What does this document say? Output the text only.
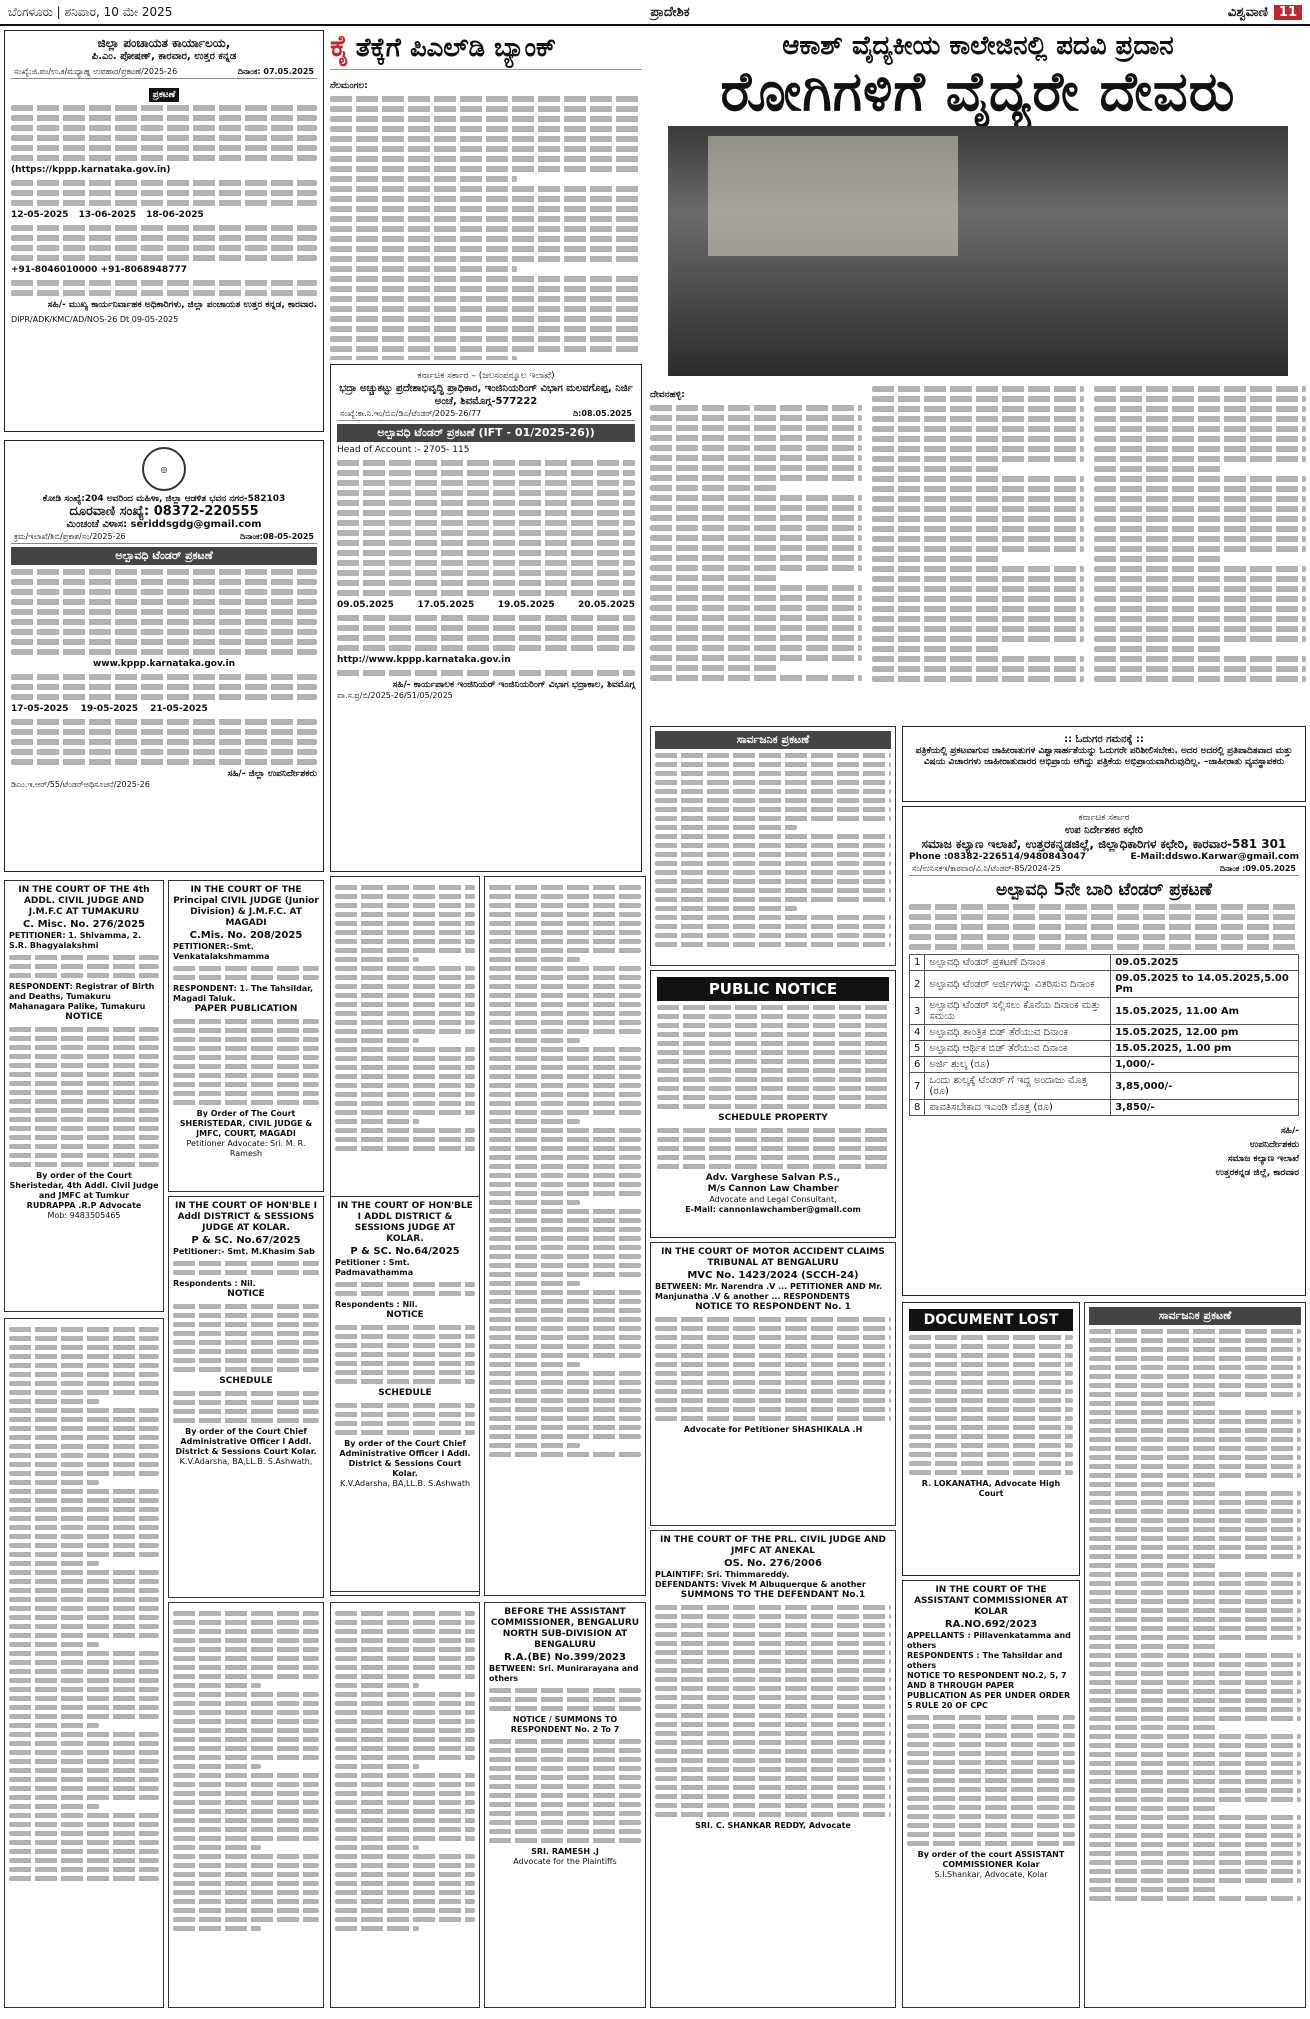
ಬೆಂಗಳೂರು | ಶನಿವಾರ, 10 ಮೇ 2025	ಪ್ರಾದೇಶಿಕ	ವಿಶ್ವವಾಣಿ 11
ಜಿಲ್ಲಾ ಪಂಚಾಯತ ಕಾರ್ಯಾಲಯ,
ಪಿ.ಎಂ. ಪೋಷಣ್, ಕಾರವಾರ, ಉತ್ತರ ಕನ್ನಡ
ಸಂಖ್ಯೆ:ಜಿ.ಪಂ/ಉ.ಕ/ಮಧ್ಯಾಹ್ನ ಉಪಹಾರ/ಪ್ರಕಟಣೆ/2025-26	ದಿನಾಂಕ: 07.05.2025
ಪ್ರಕಟಣೆ
(https://kppp.karnataka.gov.in)
12-05-2025 13-06-2025 18-06-2025
+91-8046010000 +91-8068948777
ಸಹಿ/- ಮುಖ್ಯ ಕಾರ್ಯನಿರ್ವಾಹಕ ಅಧಿಕಾರಿಗಳು, ಜಿಲ್ಲಾ ಪಂಚಾಯತ ಉತ್ತರ ಕನ್ನಡ, ಕಾರವಾರ.
DIPR/ADK/KMC/AD/NOS-26 Dt 09-05-2025
◎
ಕೋಡಿ ಸಂಖ್ಯೆ:204 ಅವರಿಂದ ಮಹಿಳಾ, ಜಿಲ್ಲಾ ಆಡಳಿತ ಭವನ ನಗರ-582103
ದೂರವಾಣಿ ಸಂಖ್ಯೆ: 08372-220555
ಮಿಂಚಂಚೆ ವಿಳಾಸ: seriddsgdg@gmail.com
ಕ್ರಮ/ಇಲಾಖೆ/ಶಿಬಿ/ಪ್ರಕಾಶ/ಸಂ/2025-26	ದಿನಾಂಕ:08-05-2025
ಅಲ್ಪಾವಧಿ ಟೆಂಡರ್ ಪ್ರಕಟಣೆ
www.kppp.karnataka.gov.in
17-05-2025 19-05-2025 21-05-2025
ಸಹಿ/- ಜಿಲ್ಲಾ ಉಪನಿರ್ದೇಶಕರು
ಡಿಎಂ.ಇ.ಆರ್/55/ಟೆಂಡರ್‌ಅಧಿಸೂಚನೆ/2025-26
ಕೈ ತೆಕ್ಕೆಗೆ ಪಿಎಲ್‌ಡಿ ಬ್ಯಾಂಕ್
ನೆಲಮಂಗಲ:
ಕರ್ನಾಟಕ ಸರ್ಕಾರ – (ಜಲಸಂಪನ್ಮೂಲ ಇಲಾಖೆ)
ಭದ್ರಾ ಅಚ್ಚುಕಟ್ಟು ಪ್ರದೇಶಾಭಿವೃದ್ಧಿ ಪ್ರಾಧಿಕಾರ, ಇಂಜಿನಿಯರಿಂಗ್ ವಿಭಾಗ ಮಲವಗೊಪ್ಪ, ನಿರ್ಜಿ ಅಂಚೆ, ಶಿವಮೊಗ್ಗ-577222
ಸಂಖ್ಯೆ:ಕಾ.ನಿ.ಇಂ/ಬಿಎ/ಡಿಎ/ಟೆಂಡರ್/2025-26/77	ದಿ:08.05.2025
ಅಲ್ಪಾವಧಿ ಟೆಂಡರ್ ಪ್ರಕಟಣೆ (IFT - 01/2025-26))
Head of Account :- 2705- 115
09.05.2025	17.05.2025	19.05.2025	20.05.2025
http://www.kppp.karnataka.gov.in
ಸಹಿ/- ಕಾರ್ಯಪಾಲಕ ಇಂಜಿನಿಯರ್ ಇಂಜಿನಿಯರಿಂಗ್ ವಿಭಾಗ ಭದ್ರಾಕಾಲ, ಶಿವಮೊಗ್ಗ
ವಾ.ಸ.ಪ್ರ/ಬಿ/2025-26/51/05/2025
ಆಕಾಶ್ ವೈದ್ಯಕೀಯ ಕಾಲೇಜಿನಲ್ಲಿ ಪದವಿ ಪ್ರದಾನ
ರೋಗಿಗಳಿಗೆ ವೈದ್ಯರೇ ದೇವರು
ದೇವನಹಳ್ಳಿ:
:: ಓದುಗರ ಗಮನಕ್ಕೆ ::
ಪತ್ರಿಕೆಯಲ್ಲಿ ಪ್ರಕಟವಾಗುವ ಜಾಹೀರಾತುಗಳ ವಿಶ್ವಾಸಾರ್ಹತೆಯನ್ನು ಓದುಗರೇ ಪರಿಶೀಲಿಸಬೇಕು. ಅದರ ಅದರಲ್ಲಿ ಪ್ರತಿಪಾದಿತವಾದ ಮತ್ತು ವಿಷಯ ವಿಚಾರಗಳು ಜಾಹೀರಾತುದಾರರ ಅಭಿಪ್ರಾಯ ಆಗಿದ್ದು ಪತ್ರಿಕೆಯ ಅಭಿಪ್ರಾಯವಾಗಿರುವುದಿಲ್ಲ. –ಜಾಹೀರಾತು ವ್ಯವಸ್ಥಾಪಕರು
ಸಾರ್ವಜನಿಕ ಪ್ರಕಟಣೆ
ಕರ್ನಾಟಕ ಸರ್ಕಾರ
ಉಪ ನಿರ್ದೇಶಕರ ಕಛೇರಿ
ಸಮಾಜ ಕಲ್ಯಾಣ ಇಲಾಖೆ, ಉತ್ತರಕನ್ನಡಜಿಲ್ಲೆ, ಜಿಲ್ಲಾಧಿಕಾರಿಗಳ ಕಛೇರಿ, ಕಾರವಾರ-581 301
Phone :08382-226514/9480843047	E-Mail:ddswo.Karwar@gmail.com
ಸಂ/ಉನಿಸಕಇ/ಕಾರವಾರ/ವಿ.ನಿ/ಟೆಂಡರ್-85/2024-25	ದಿನಾಂಕ :09.05.2025
ಅಲ್ಪಾವಧಿ 5ನೇ ಬಾರಿ ಟೆಂಡರ್ ಪ್ರಕಟಣೆ
1	ಅಲ್ಪಾವಧಿ ಟೆಂಡರ್ ಪ್ರಕಟಣೆ ದಿನಾಂಕ	09.05.2025
2	ಅಲ್ಪಾವಧಿ ಟೆಂಡರ್ ಅರ್ಜಿಗಳನ್ನು ವಿತರಿಸುವ ದಿನಾಂಕ	09.05.2025 to 14.05.2025,5.00 Pm
3	ಅಲ್ಪಾವಧಿ ಟೆಂಡರ್ ಸಲ್ಲಿಸಲು ಕೊನೆಯ ದಿನಾಂಕ ಮತ್ತು ಸಮಯ	15.05.2025, 11.00 Am
4	ಅಲ್ಪಾವಧಿ ತಾಂತ್ರಿಕ ಬಿಡ್ ತೆರೆಯುವ ದಿನಾಂಕ	15.05.2025, 12.00 pm
5	ಅಲ್ಪಾವಧಿ ಆರ್ಥಿಕ ಬಿಡ್ ತೆರೆಯುವ ದಿನಾಂಕ	15.05.2025, 1.00 pm
6	ಅರ್ಜಿ ಶುಲ್ಕ (ರೂ)	1,000/-
7	ಒಂದು ಶುಲ್ಕಕ್ಕೆ ಟೆಂಡರ್ ಗೆ ಇದ್ದ ಅಂದಾಜು ಮೊತ್ತ (ರೂ)	3,85,000/-
8	ಪಾವತಿಸಬೇಕಾದ ಇಎಂಡಿ ಮೊತ್ತ (ರೂ)	3,850/-
ಸಹಿ/-
ಉಪನಿರ್ದೇಶಕರು
ಸಮಾಜ ಕಲ್ಯಾಣ ಇಲಾಖೆ
ಉತ್ತರಕನ್ನಡ ಜಿಲ್ಲೆ, ಕಾರವಾರ
PUBLIC NOTICE
SCHEDULE PROPERTY
Adv. Varghese Salvan P.S.,
M/s Cannon Law Chamber
Advocate and Legal Consultant,
E-Mail: cannonlawchamber@gmail.com
IN THE COURT OF THE 4th ADDL. CIVIL JUDGE AND J.M.F.C AT TUMAKURU
C. Misc. No. 276/2025
PETITIONER: 1. Shivamma, 2. S.R. Bhagyalakshmi
RESPONDENT: Registrar of Birth and Deaths, Tumakuru Mahanagara Palike, Tumakuru
NOTICE
By order of the Court Sheristedar, 4th Addl. Civil Judge and JMFC at Tumkur
RUDRAPPA .R.P Advocate
Mob: 9483505465
IN THE COURT OF THE Principal CIVIL JUDGE (Junior Division) & J.M.F.C. AT MAGADI
C.Mis. No. 208/2025
PETITIONER:-Smt. Venkatalakshmamma
RESPONDENT: 1. The Tahsildar, Magadi Taluk.
PAPER PUBLICATION
By Order of The Court SHERISTEDAR, CIVIL JUDGE & JMFC, COURT, MAGADI
Petitioner Advocate: Sri. M. R. Ramesh
IN THE COURT OF HON'BLE I Addl DISTRICT & SESSIONS JUDGE AT KOLAR.
P & SC. No.67/2025
Petitioner:- Smt. M.Khasim Sab
Respondents : Nil.
NOTICE
SCHEDULE
By order of the Court Chief Administrative Officer I Addl. District & Sessions Court Kolar.
K.V.Adarsha, BA,LL.B. S.Ashwath,
IN THE COURT OF HON'BLE I ADDL DISTRICT & SESSIONS JUDGE AT KOLAR.
P & SC. No.64/2025
Petitioner : Smt. Padmavathamma
Respondents : Nil.
NOTICE
SCHEDULE
By order of the Court Chief Administrative Officer I Addl. District & Sessions Court Kolar.
K.V.Adarsha, BA,LL.B. S.Ashwath
BEFORE THE ASSISTANT COMMISSIONER, BENGALURU NORTH SUB-DIVISION AT BENGALURU
R.A.(BE) No.399/2023
BETWEEN: Sri. Munirarayana and others
NOTICE / SUMMONS TO RESPONDENT No. 2 To 7
SRI. RAMESH .J
Advocate for the Plaintiffs
IN THE COURT OF MOTOR ACCIDENT CLAIMS TRIBUNAL AT BENGALURU
MVC No. 1423/2024 (SCCH-24)
BETWEEN: Mr. Narendra .V ... PETITIONER AND Mr. Manjunatha .V & another ... RESPONDENTS
NOTICE TO RESPONDENT No. 1
Advocate for Petitioner SHASHIKALA .H
IN THE COURT OF THE PRL. CIVIL JUDGE AND JMFC AT ANEKAL
OS. No. 276/2006
PLAINTIFF: Sri. Thimmareddy.
DEFENDANTS: Vivek M Albuquerque & another
SUMMONS TO THE DEFENDANT No.1
SRI. C. SHANKAR REDDY, Advocate
DOCUMENT LOST
R. LOKANATHA, Advocate High Court
ಸಾರ್ವಜನಿಕ ಪ್ರಕಟಣೆ
IN THE COURT OF THE ASSISTANT COMMISSIONER AT KOLAR
RA.NO.692/2023
APPELLANTS : Pillavenkatamma and others
RESPONDENTS : The Tahsildar and others
NOTICE TO RESPONDENT NO.2, 5, 7 AND 8 THROUGH PAPER PUBLICATION AS PER UNDER ORDER 5 RULE 20 OF CPC
By order of the court ASSISTANT COMMISSIONER Kolar
S.I.Shankar, Advocate, Kolar
